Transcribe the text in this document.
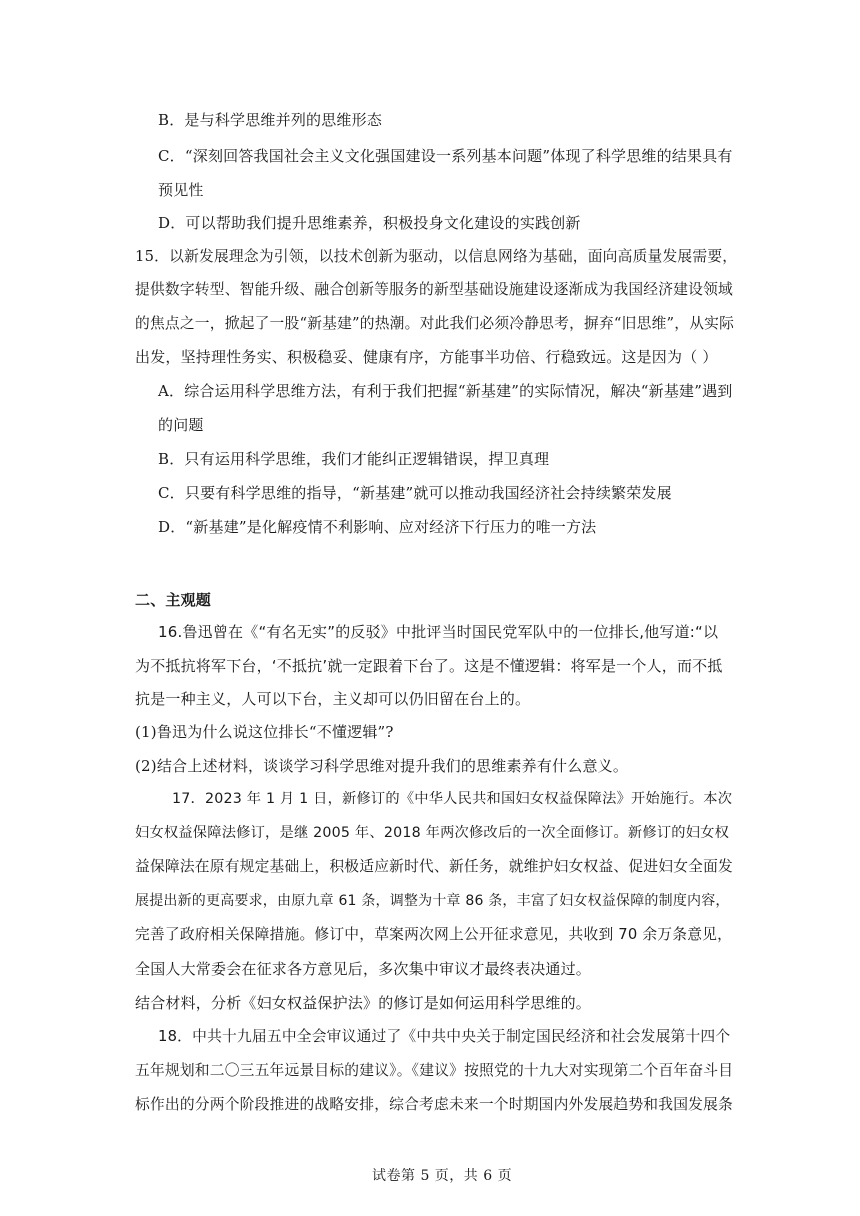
B．是与科学思维并列的思维形态
C．“深刻回答我国社会主义文化强国建设一系列基本问题”体现了科学思维的结果具有
预见性
D．可以帮助我们提升思维素养，积极投身文化建设的实践创新
15．以新发展理念为引领，以技术创新为驱动，以信息网络为基础，面向高质量发展需要，
提供数字转型、智能升级、融合创新等服务的新型基础设施建设逐渐成为我国经济建设领域
的焦点之一，掀起了一股“新基建”的热潮。对此我们必须冷静思考，摒弃“旧思维”，从实际
出发，坚持理性务实、积极稳妥、健康有序，方能事半功倍、行稳致远。这是因为（ ）
A．综合运用科学思维方法，有利于我们把握“新基建”的实际情况，解决“新基建”遇到
的问题
B．只有运用科学思维，我们才能纠正逻辑错误，捍卫真理
C．只要有科学思维的指导，“新基建”就可以推动我国经济社会持续繁荣发展
D．“新基建”是化解疫情不利影响、应对经济下行压力的唯一方法
二、主观题
16.鲁迅曾在《“有名无实”的反驳》中批评当时国民党军队中的一位排长,他写道:“以
为不抵抗将军下台，‘不抵抗’就一定跟着下台了。这是不懂逻辑：将军是一个人，而不抵
抗是一种主义，人可以下台，主义却可以仍旧留在台上的。
(1)鲁迅为什么说这位排长“不懂逻辑”?
(2)结合上述材料，谈谈学习科学思维对提升我们的思维素养有什么意义。
17．2023 年 1 月 1 日，新修订的《中华人民共和国妇女权益保障法》开始施行。本次
妇女权益保障法修订，是继 2005 年、2018 年两次修改后的一次全面修订。新修订的妇女权
益保障法在原有规定基础上，积极适应新时代、新任务，就维护妇女权益、促进妇女全面发
展提出新的更高要求，由原九章 61 条，调整为十章 86 条，丰富了妇女权益保障的制度内容，
完善了政府相关保障措施。修订中，草案两次网上公开征求意见，共收到 70 余万条意见，
全国人大常委会在征求各方意见后，多次集中审议才最终表决通过。
结合材料，分析《妇女权益保护法》的修订是如何运用科学思维的。
18．中共十九届五中全会审议通过了《中共中央关于制定国民经济和社会发展第十四个
五年规划和二〇三五年远景目标的建议》。《建议》按照党的十九大对实现第二个百年奋斗目
标作出的分两个阶段推进的战略安排，综合考虑未来一个时期国内外发展趋势和我国发展条
试卷第 5 页，共 6 页
